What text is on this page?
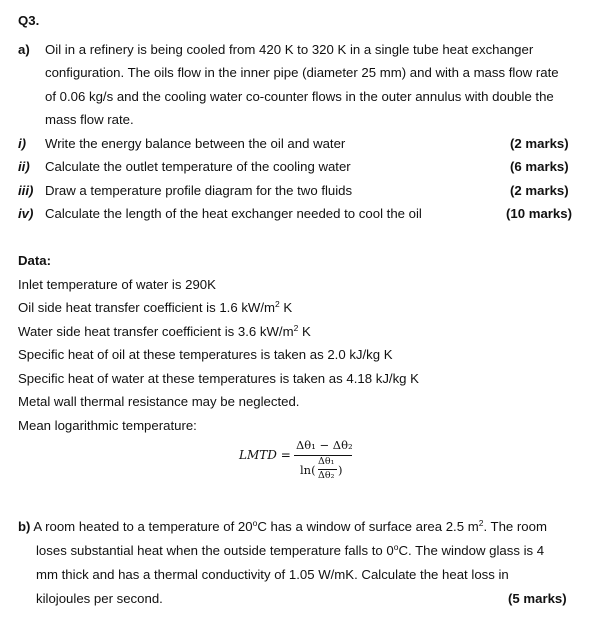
Q3.
a) Oil in a refinery is being cooled from 420 K to 320 K in a single tube heat exchanger
configuration. The oils flow in the inner pipe (diameter 25 mm) and with a mass flow rate
of 0.06 kg/s and the cooling water co-counter flows in the outer annulus with double the
mass flow rate.
i) Write the energy balance between the oil and water	(2 marks)
ii) Calculate the outlet temperature of the cooling water	(6 marks)
iii) Draw a temperature profile diagram for the two fluids	(2 marks)
iv) Calculate the length of the heat exchanger needed to cool the oil	(10 marks)
Data:
Inlet temperature of water is 290K
Oil side heat transfer coefficient is 1.6 $kW/m^2$ K
Water side heat transfer coefficient is 3.6 $kW/m^2$ K
Specific heat of oil at these temperatures is taken as 2.0 kJ/kg K
Specific heat of water at these temperatures is taken as 4.18 kJ/kg K
Metal wall thermal resistance may be neglected.
Mean logarithmic temperature:
LMTD =
Δθ₁ − Δθ₂
ln(
Δθ₁
Δθ₂ )
b) A room heated to a temperature of 20$^o$C has a window of surface area 2.5 $m^2$. The room
loses substantial heat when the outside temperature falls to 0$^o$C. The window glass is 4
mm thick and has a thermal conductivity of 1.05 W/mK. Calculate the heat loss in
kilojoules per second.	(5 marks)
